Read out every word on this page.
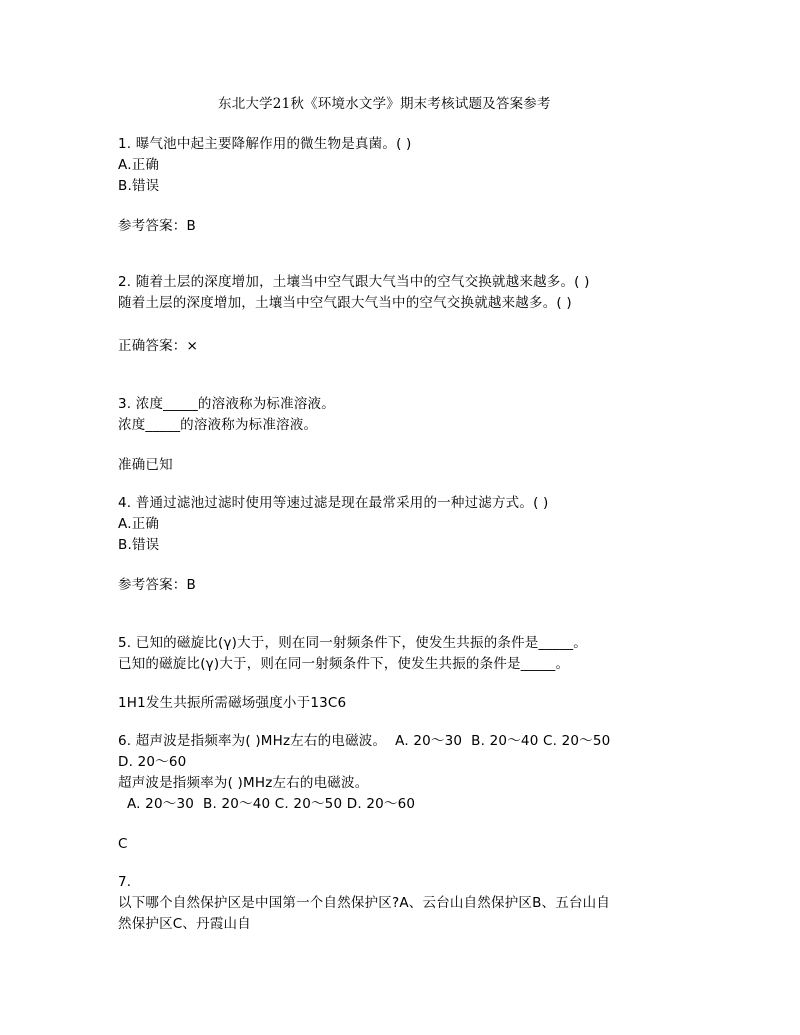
东北大学21秋《环境水文学》期末考核试题及答案参考
1. 曝气池中起主要降解作用的微生物是真菌。( )
A.正确
B.错误
参考答案：B
2. 随着土层的深度增加，土壤当中空气跟大气当中的空气交换就越来越多。( )
随着土层的深度增加，土壤当中空气跟大气当中的空气交换就越来越多。( )
正确答案：×
3. 浓度_____的溶液称为标准溶液。
浓度_____的溶液称为标准溶液。
准确已知
4. 普通过滤池过滤时使用等速过滤是现在最常采用的一种过滤方式。( )
A.正确
B.错误
参考答案：B
5. 已知的磁旋比(γ)大于，则在同一射频条件下，使发生共振的条件是_____。
已知的磁旋比(γ)大于，则在同一射频条件下，使发生共振的条件是_____。
1H1发生共振所需磁场强度小于13C6
6. 超声波是指频率为( )MHz左右的电磁波。  A. 20～30  B. 20～40 C. 20～50
D. 20～60
超声波是指频率为( )MHz左右的电磁波。
A. 20～30  B. 20～40 C. 20～50 D. 20～60
C
7.
以下哪个自然保护区是中国第一个自然保护区?A、云台山自然保护区B、五台山自
然保护区C、丹霞山自
